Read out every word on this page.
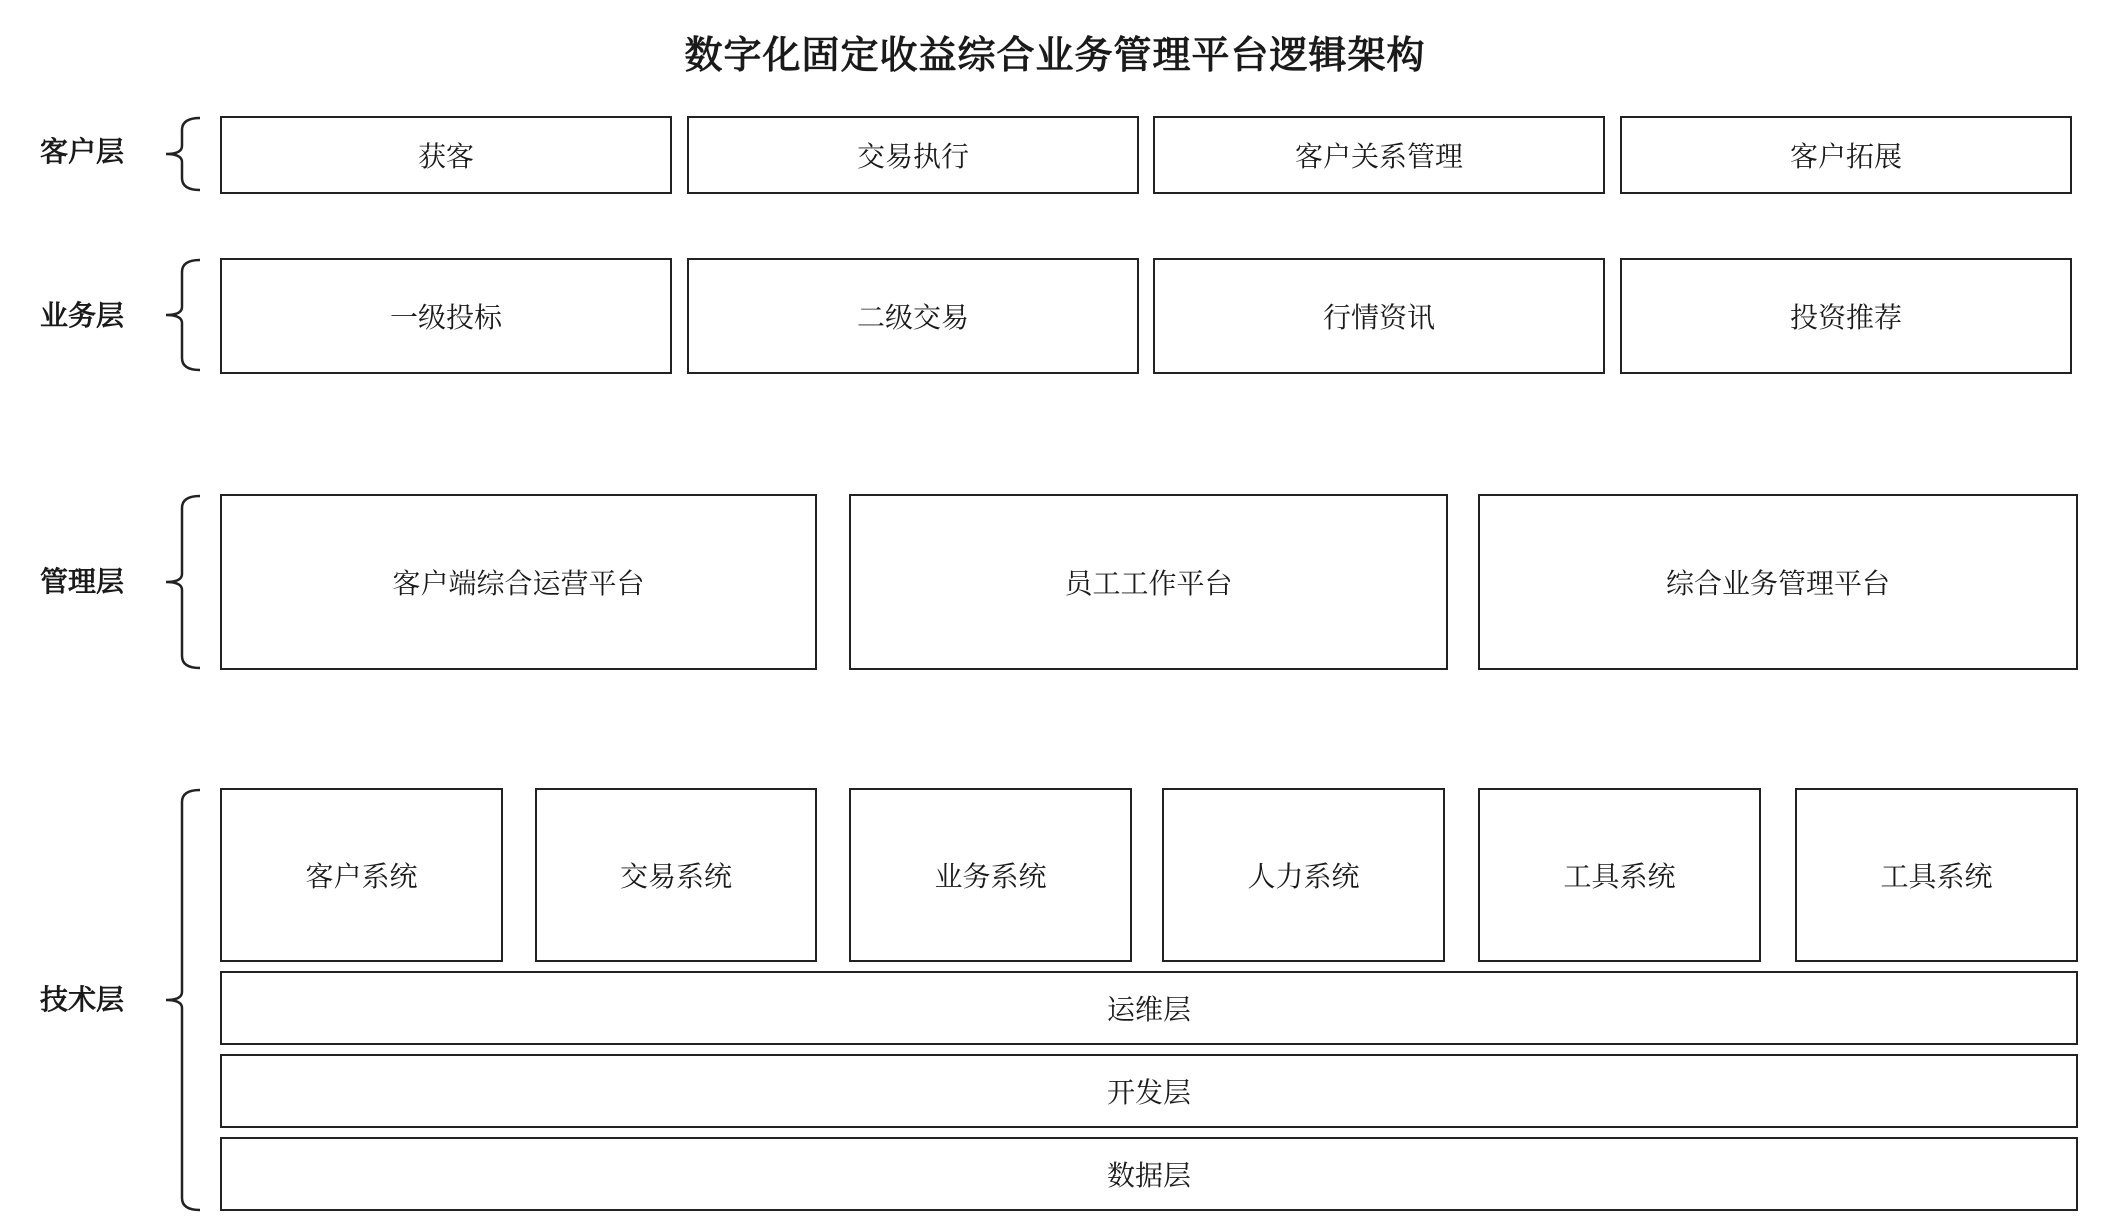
数字化固定收益综合业务管理平台逻辑架构
客户层	获客	交易执行	客户关系管理	客户拓展
业务层	一级投标	二级交易	行情资讯	投资推荐
管理层	客户端综合运营平台	员工工作平台	综合业务管理平台
技术层
客户系统	交易系统	业务系统	人力系统	工具系统	工具系统
运维层
开发层
数据层
